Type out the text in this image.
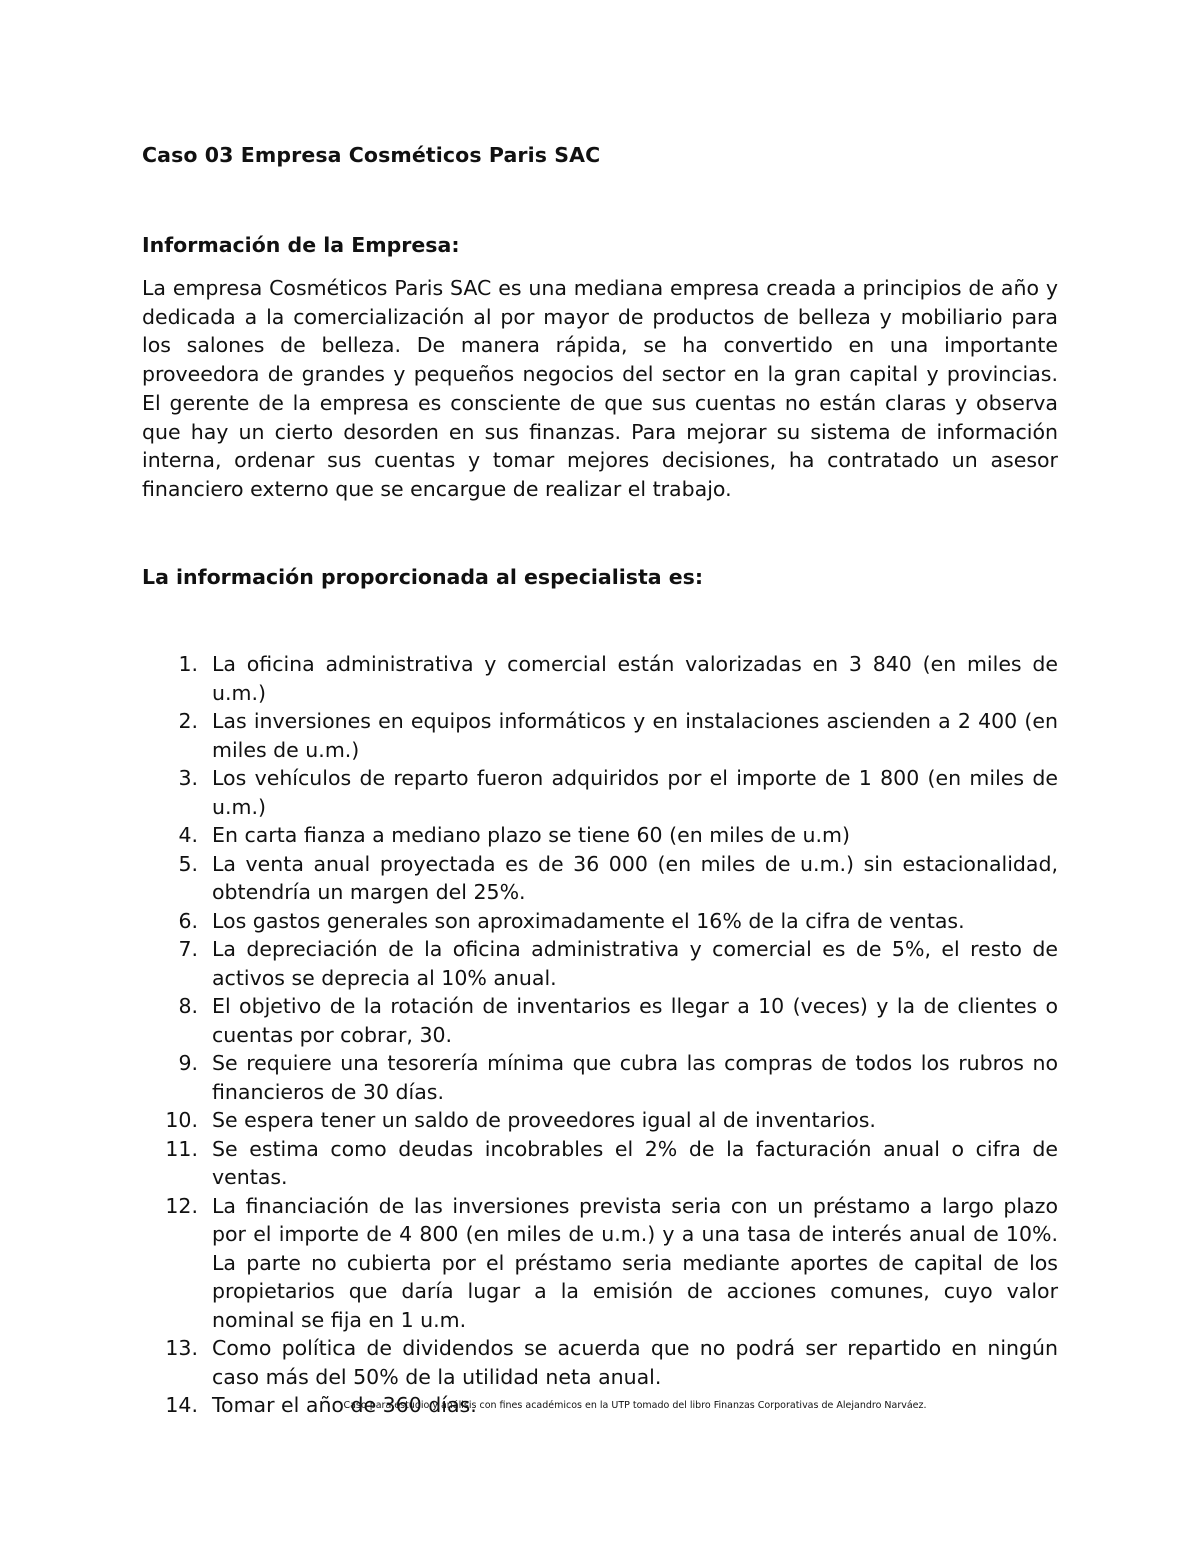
Caso 03 Empresa Cosméticos Paris SAC
Información de la Empresa:

La empresa Cosméticos Paris SAC es una mediana empresa creada a principios de año y dedicada a la comercialización al por mayor de productos de belleza y mobiliario para los salones de belleza. De manera rápida, se ha convertido en una importante proveedora de grandes y pequeños negocios del sector en la gran capital y provincias. El gerente de la empresa es consciente de que sus cuentas no están claras y observa que hay un cierto desorden en sus finanzas. Para mejorar su sistema de información interna, ordenar sus cuentas y tomar mejores decisiones, ha contratado un asesor financiero externo que se encargue de realizar el trabajo.

La información proporcionada al especialista es:
1. La oficina administrativa y comercial están valorizadas en 3 840 (en miles de u.m.)
2. Las inversiones en equipos informáticos y en instalaciones ascienden a 2 400 (en miles de u.m.)
3. Los vehículos de reparto fueron adquiridos por el importe de 1 800 (en miles de u.m.)
4. En carta fianza a mediano plazo se tiene 60 (en miles de u.m)
5. La venta anual proyectada es de 36 000 (en miles de u.m.) sin estacionalidad, obtendría un margen del 25%.
6. Los gastos generales son aproximadamente el 16% de la cifra de ventas.
7. La depreciación de la oficina administrativa y comercial es de 5%, el resto de activos se deprecia al 10% anual.
8. El objetivo de la rotación de inventarios es llegar a 10 (veces) y la de clientes o cuentas por cobrar, 30.
9. Se requiere una tesorería mínima que cubra las compras de todos los rubros no financieros de 30 días.
10. Se espera tener un saldo de proveedores igual al de inventarios.
11. Se estima como deudas incobrables el 2% de la facturación anual o cifra de ventas.
12. La financiación de las inversiones prevista seria con un préstamo a largo plazo por el importe de 4 800 (en miles de u.m.) y a una tasa de interés anual de 10%. La parte no cubierta por el préstamo seria mediante aportes de capital de los propietarios que daría lugar a la emisión de acciones comunes, cuyo valor nominal se fija en 1 u.m.
13. Como política de dividendos se acuerda que no podrá ser repartido en ningún caso más del 50% de la utilidad neta anual.
14. Tomar el año de 360 días.

Caso para estudio y análisis con fines académicos en la UTP tomado del libro Finanzas Corporativas de Alejandro Narváez.
